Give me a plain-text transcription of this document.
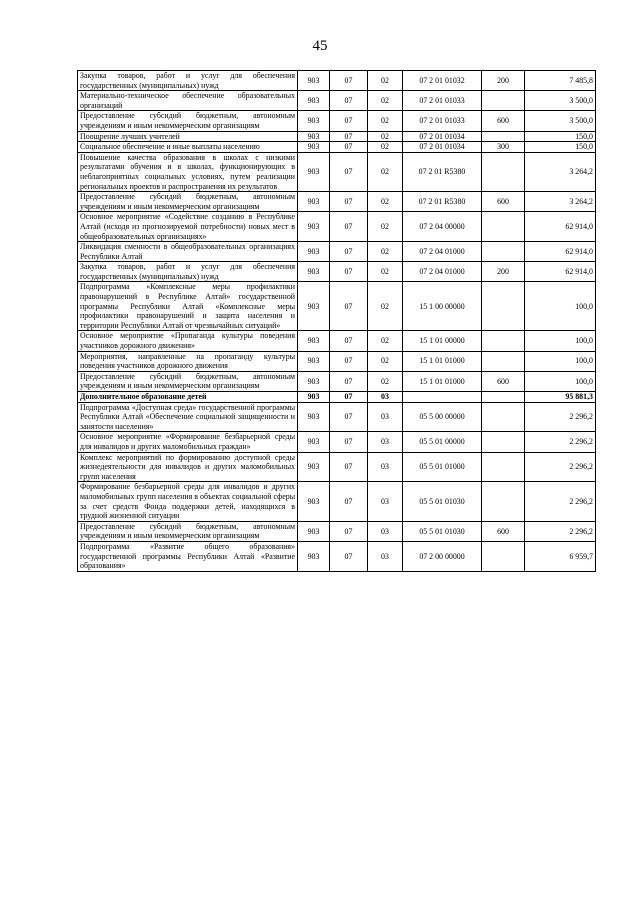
45
Закупка товаров, работ и услуг для обеспечения государственных (муниципальных) нужд	903	07	02	07 2 01 01032	200	7 485,8
Материально-техническое обеспечение образовательных организаций	903	07	02	07 2 01 01033		3 500,0
Предоставление субсидий бюджетным, автономным учреждениям и иным некоммерческим организациям	903	07	02	07 2 01 01033	600	3 500,0
Поощрение лучших учителей	903	07	02	07 2 01 01034		150,0
Социальное обеспечение и иные выплаты населению	903	07	02	07 2 01 01034	300	150,0
Повышение качества образования в школах с низкими результатами обучения и в школах, функционирующих в неблагоприятных социальных условиях, путем реализации региональных проектов и распространения их результатов	903	07	02	07 2 01 R5380		3 264,2
Предоставление субсидий бюджетным, автономным учреждениям и иным некоммерческим организациям	903	07	02	07 2 01 R5380	600	3 264,2
Основное мероприятие «Содействие созданию в Республике Алтай (исходя из прогнозируемой потребности) новых мест в общеобразовательных организациях»	903	07	02	07 2 04 00000		62 914,0
Ликвидация сменности в общеобразовательных организациях Республики Алтай	903	07	02	07 2 04 01000		62 914,0
Закупка товаров, работ и услуг для обеспечения государственных (муниципальных) нужд	903	07	02	07 2 04 01000	200	62 914,0
Подпрограмма «Комплексные меры профилактики правонарушений в Республике Алтай» государственной программы Республики Алтай «Комплексные меры профилактики правонарушений и защита населения и территории Республики Алтай от чрезвычайных ситуаций»	903	07	02	15 1 00 00000		100,0
Основное мероприятие «Пропаганда культуры поведения участников дорожного движения»	903	07	02	15 1 01 00000		100,0
Мероприятия, направленные на пропаганду культуры поведения участников дорожного движения	903	07	02	15 1 01 01000		100,0
Предоставление субсидий бюджетным, автономным учреждениям и иным некоммерческим организациям	903	07	02	15 1 01 01000	600	100,0
Дополнительное образование детей	903	07	03			95 881,3
Подпрограмма «Доступная среда» государственной программы Республики Алтай «Обеспечение социальной защищенности и занятости населения»	903	07	03	05 5 00 00000		2 296,2
Основное мероприятие «Формирование безбарьерной среды для инвалидов и других маломобильных граждан»	903	07	03	05 5 01 00000		2 296,2
Комплекс мероприятий по формированию доступной среды жизнедеятельности для инвалидов и других маломобильных групп населения	903	07	03	05 5 01 01000		2 296,2
Формирование безбарьерной среды для инвалидов и других маломобильных групп населения в объектах социальной сферы за счет средств Фонда поддержки детей, находящихся в трудной жизненной ситуации	903	07	03	05 5 01 01030		2 296,2
Предоставление субсидий бюджетным, автономным учреждениям и иным некоммерческим организациям	903	07	03	05 5 01 01030	600	2 296,2
Подпрограмма «Развитие общего образования» государственной программы Республики Алтай «Развитие образования»	903	07	03	07 2 00 00000		6 959,7
